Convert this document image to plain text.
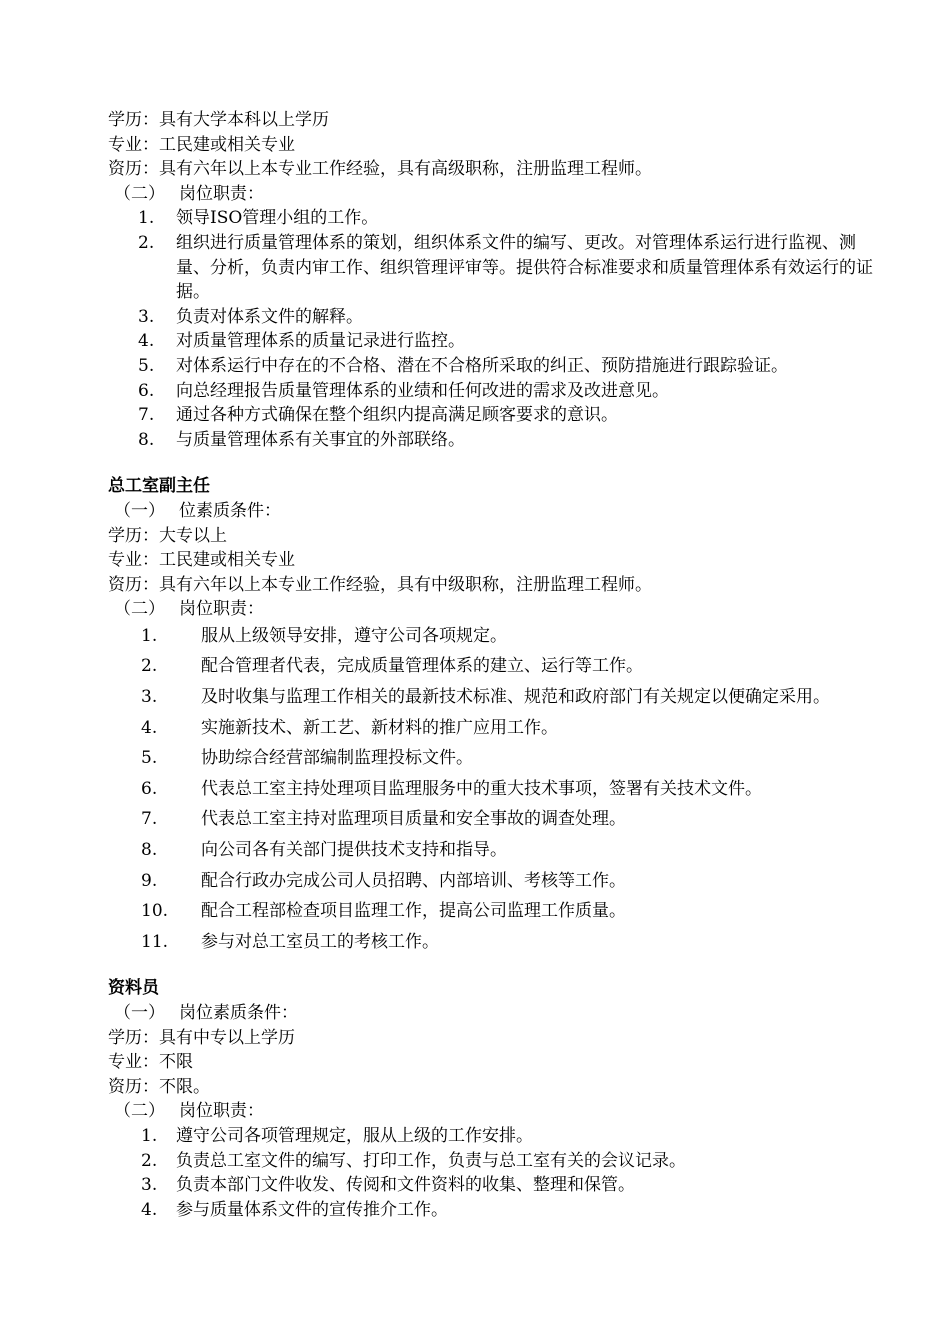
学历：具有大学本科以上学历
专业：工民建或相关专业
资历：具有六年以上本专业工作经验，具有高级职称，注册监理工程师。
（二） 岗位职责：
1.	领导ISO管理小组的工作。
2.	组织进行质量管理体系的策划，组织体系文件的编写、更改。对管理体系运行进行监视、测量、分析，负责内审工作、组织管理评审等。提供符合标准要求和质量管理体系有效运行的证据。
3.	负责对体系文件的解释。
4.	对质量管理体系的质量记录进行监控。
5.	对体系运行中存在的不合格、潜在不合格所采取的纠正、预防措施进行跟踪验证。
6.	向总经理报告质量管理体系的业绩和任何改进的需求及改进意见。
7.	通过各种方式确保在整个组织内提高满足顾客要求的意识。
8.	与质量管理体系有关事宜的外部联络。
总工室副主任
（一） 位素质条件：
学历：大专以上
专业：工民建或相关专业
资历：具有六年以上本专业工作经验，具有中级职称，注册监理工程师。
（二） 岗位职责：
1.	服从上级领导安排，遵守公司各项规定。
2.	配合管理者代表，完成质量管理体系的建立、运行等工作。
3.	及时收集与监理工作相关的最新技术标准、规范和政府部门有关规定以便确定采用。
4.	实施新技术、新工艺、新材料的推广应用工作。
5.	协助综合经营部编制监理投标文件。
6.	代表总工室主持处理项目监理服务中的重大技术事项，签署有关技术文件。
7.	代表总工室主持对监理项目质量和安全事故的调查处理。
8.	向公司各有关部门提供技术支持和指导。
9.	配合行政办完成公司人员招聘、内部培训、考核等工作。
10.	配合工程部检查项目监理工作，提高公司监理工作质量。
11.	参与对总工室员工的考核工作。
资料员
（一） 岗位素质条件：
学历：具有中专以上学历
专业：不限
资历：不限。
（二） 岗位职责：
1.	遵守公司各项管理规定，服从上级的工作安排。
2.	负责总工室文件的编写、打印工作，负责与总工室有关的会议记录。
3.	负责本部门文件收发、传阅和文件资料的收集、整理和保管。
4.	参与质量体系文件的宣传推介工作。
